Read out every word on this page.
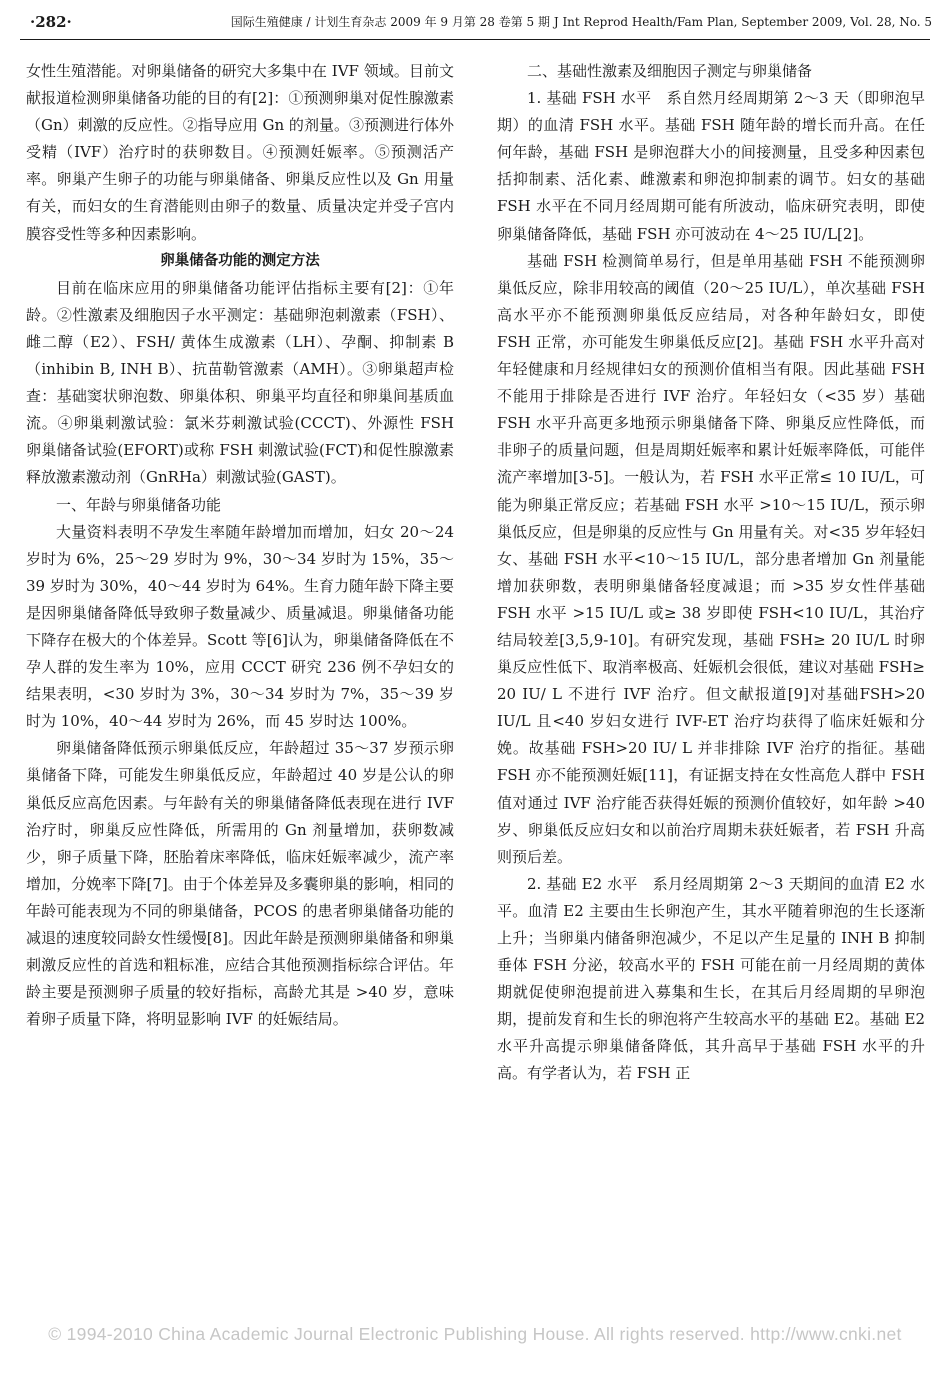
·282·	国际生殖健康 / 计划生育杂志 2009 年 9 月第 28 卷第 5 期 J Int Reprod Health/Fam Plan, September 2009, Vol. 28, No. 5

女性生殖潜能。对卵巢储备的研究大多集中在 IVF 领域。目前文献报道检测卵巢储备功能的目的有[2]：①预测卵巢对促性腺激素（Gn）刺激的反应性。②指导应用 Gn 的剂量。③预测进行体外受精（IVF）治疗时的获卵数目。④预测妊娠率。⑤预测活产率。卵巢产生卵子的功能与卵巢储备、卵巢反应性以及 Gn 用量有关，而妇女的生育潜能则由卵子的数量、质量决定并受子宫内膜容受性等多种因素影响。

卵巢储备功能的测定方法

目前在临床应用的卵巢储备功能评估指标主要有[2]：①年龄。②性激素及细胞因子水平测定：基础卵泡刺激素（FSH）、雌二醇（E2）、FSH/ 黄体生成激素（LH）、孕酮、抑制素 B（inhibin B, INH B）、抗苗勒管激素（AMH）。③卵巢超声检查：基础窦状卵泡数、卵巢体积、卵巢平均直径和卵巢间基质血流。④卵巢刺激试验：氯米芬刺激试验(CCCT)、外源性 FSH 卵巢储备试验(EFORT)或称 FSH 刺激试验(FCT)和促性腺激素释放激素激动剂（GnRHa）刺激试验(GAST)。

一、年龄与卵巢储备功能

大量资料表明不孕发生率随年龄增加而增加，妇女 20～24 岁时为 6%，25～29 岁时为 9%，30～34 岁时为 15%，35～39 岁时为 30%，40～44 岁时为 64%。生育力随年龄下降主要是因卵巢储备降低导致卵子数量减少、质量减退。卵巢储备功能下降存在极大的个体差异。Scott 等[6]认为，卵巢储备降低在不孕人群的发生率为 10%，应用 CCCT 研究 236 例不孕妇女的结果表明，<30 岁时为 3%，30～34 岁时为 7%，35～39 岁时为 10%，40～44 岁时为 26%，而 45 岁时达 100%。

卵巢储备降低预示卵巢低反应，年龄超过 35～37 岁预示卵巢储备下降，可能发生卵巢低反应，年龄超过 40 岁是公认的卵巢低反应高危因素。与年龄有关的卵巢储备降低表现在进行 IVF 治疗时，卵巢反应性降低，所需用的 Gn 剂量增加，获卵数减少，卵子质量下降，胚胎着床率降低，临床妊娠率减少，流产率增加，分娩率下降[7]。由于个体差异及多囊卵巢的影响，相同的年龄可能表现为不同的卵巢储备，PCOS 的患者卵巢储备功能的减退的速度较同龄女性缓慢[8]。因此年龄是预测卵巢储备和卵巢刺激反应性的首选和粗标准，应结合其他预测指标综合评估。年龄主要是预测卵子质量的较好指标，高龄尤其是 >40 岁，意味着卵子质量下降，将明显影响 IVF 的妊娠结局。

二、基础性激素及细胞因子测定与卵巢储备

1. 基础 FSH 水平　系自然月经周期第 2～3 天（即卵泡早期）的血清 FSH 水平。基础 FSH 随年龄的增长而升高。在任何年龄，基础 FSH 是卵泡群大小的间接测量，且受多种因素包括抑制素、活化素、雌激素和卵泡抑制素的调节。妇女的基础 FSH 水平在不同月经周期可能有所波动，临床研究表明，即使卵巢储备降低，基础 FSH 亦可波动在 4～25 IU/L[2]。

基础 FSH 检测简单易行，但是单用基础 FSH 不能预测卵巢低反应，除非用较高的阈值（20～25 IU/L），单次基础 FSH 高水平亦不能预测卵巢低反应结局，对各种年龄妇女，即使 FSH 正常，亦可能发生卵巢低反应[2]。基础 FSH 水平升高对年轻健康和月经规律妇女的预测价值相当有限。因此基础 FSH 不能用于排除是否进行 IVF 治疗。年轻妇女（<35 岁）基础 FSH 水平升高更多地预示卵巢储备下降、卵巢反应性降低，而非卵子的质量问题，但是周期妊娠率和累计妊娠率降低，可能伴流产率增加[3-5]。一般认为，若 FSH 水平正常≤ 10 IU/L，可能为卵巢正常反应；若基础 FSH 水平 >10～15 IU/L，预示卵巢低反应，但是卵巢的反应性与 Gn 用量有关。对<35 岁年轻妇女、基础 FSH 水平<10～15 IU/L，部分患者增加 Gn 剂量能增加获卵数，表明卵巢储备轻度减退；而 >35 岁女性伴基础 FSH 水平 >15 IU/L 或≥ 38 岁即使 FSH<10 IU/L，其治疗结局较差[3,5,9-10]。有研究发现，基础 FSH≥ 20 IU/L 时卵巢反应性低下、取消率极高、妊娠机会很低，建议对基础 FSH≥ 20 IU/ L 不进行 IVF 治疗。但文献报道[9]对基础FSH>20 IU/L 且<40 岁妇女进行 IVF-ET 治疗均获得了临床妊娠和分娩。故基础 FSH>20 IU/ L 并非排除 IVF 治疗的指征。基础 FSH 亦不能预测妊娠[11]，有证据支持在女性高危人群中 FSH 值对通过 IVF 治疗能否获得妊娠的预测价值较好，如年龄 >40 岁、卵巢低反应妇女和以前治疗周期未获妊娠者，若 FSH 升高则预后差。

2. 基础 E2 水平　系月经周期第 2～3 天期间的血清 E2 水平。血清 E2 主要由生长卵泡产生，其水平随着卵泡的生长逐渐上升；当卵巢内储备卵泡减少，不足以产生足量的 INH B 抑制垂体 FSH 分泌，较高水平的 FSH 可能在前一月经周期的黄体期就促使卵泡提前进入募集和生长，在其后月经周期的早卵泡期，提前发育和生长的卵泡将产生较高水平的基础 E2。基础 E2 水平升高提示卵巢储备降低，其升高早于基础 FSH 水平的升高。有学者认为，若 FSH 正

© 1994-2010 China Academic Journal Electronic Publishing House. All rights reserved. http://www.cnki.net
